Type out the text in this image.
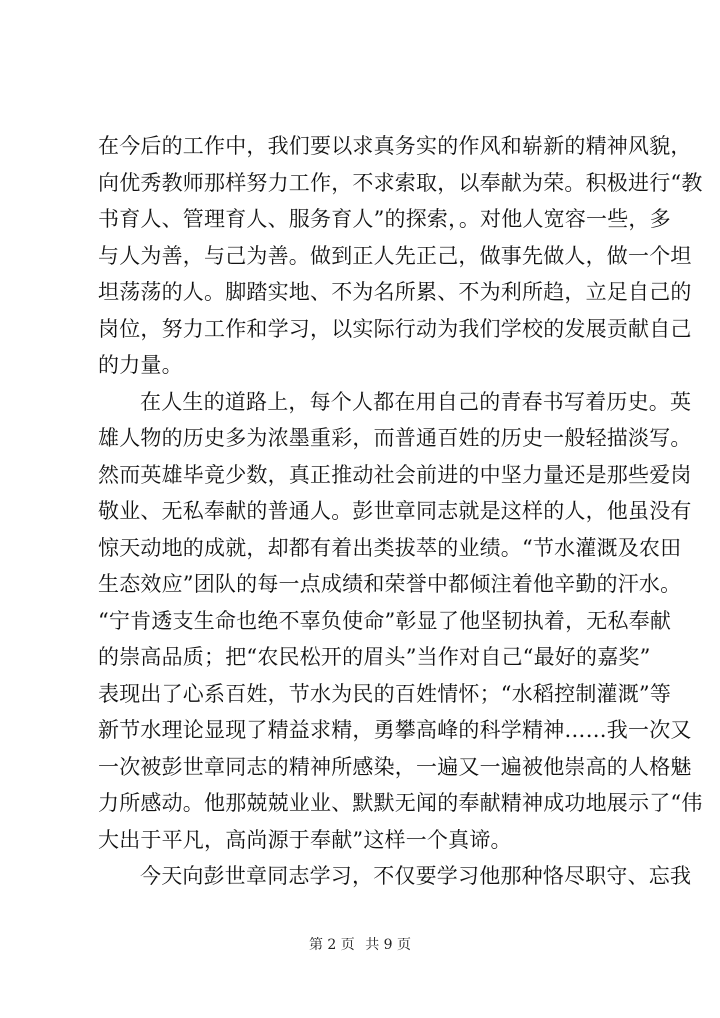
在今后的工作中，我们要以求真务实的作风和崭新的精神风貌，
向优秀教师那样努力工作，不求索取，以奉献为荣。积极进行“教
书育人、管理育人、服务育人”的探索，。对他人宽容一些，多
与人为善，与己为善。做到正人先正己，做事先做人，做一个坦
坦荡荡的人。脚踏实地、不为名所累、不为利所趋，立足自己的
岗位，努力工作和学习，以实际行动为我们学校的发展贡献自己
的力量。
在人生的道路上，每个人都在用自己的青春书写着历史。英
雄人物的历史多为浓墨重彩，而普通百姓的历史一般轻描淡写。
然而英雄毕竟少数，真正推动社会前进的中坚力量还是那些爱岗
敬业、无私奉献的普通人。彭世章同志就是这样的人，他虽没有
惊天动地的成就，却都有着出类拔萃的业绩。“节水灌溉及农田
生态效应”团队的每一点成绩和荣誉中都倾注着他辛勤的汗水。
“宁肯透支生命也绝不辜负使命”彰显了他坚韧执着，无私奉献
的崇高品质；把“农民松开的眉头”当作对自己“最好的嘉奖”
表现出了心系百姓，节水为民的百姓情怀；“水稻控制灌溉”等
新节水理论显现了精益求精，勇攀高峰的科学精神……我一次又
一次被彭世章同志的精神所感染，一遍又一遍被他崇高的人格魅
力所感动。他那兢兢业业、默默无闻的奉献精神成功地展示了“伟
大出于平凡，高尚源于奉献”这样一个真谛。
今天向彭世章同志学习，不仅要学习他那种恪尽职守、忘我
第 2 页 共 9 页
